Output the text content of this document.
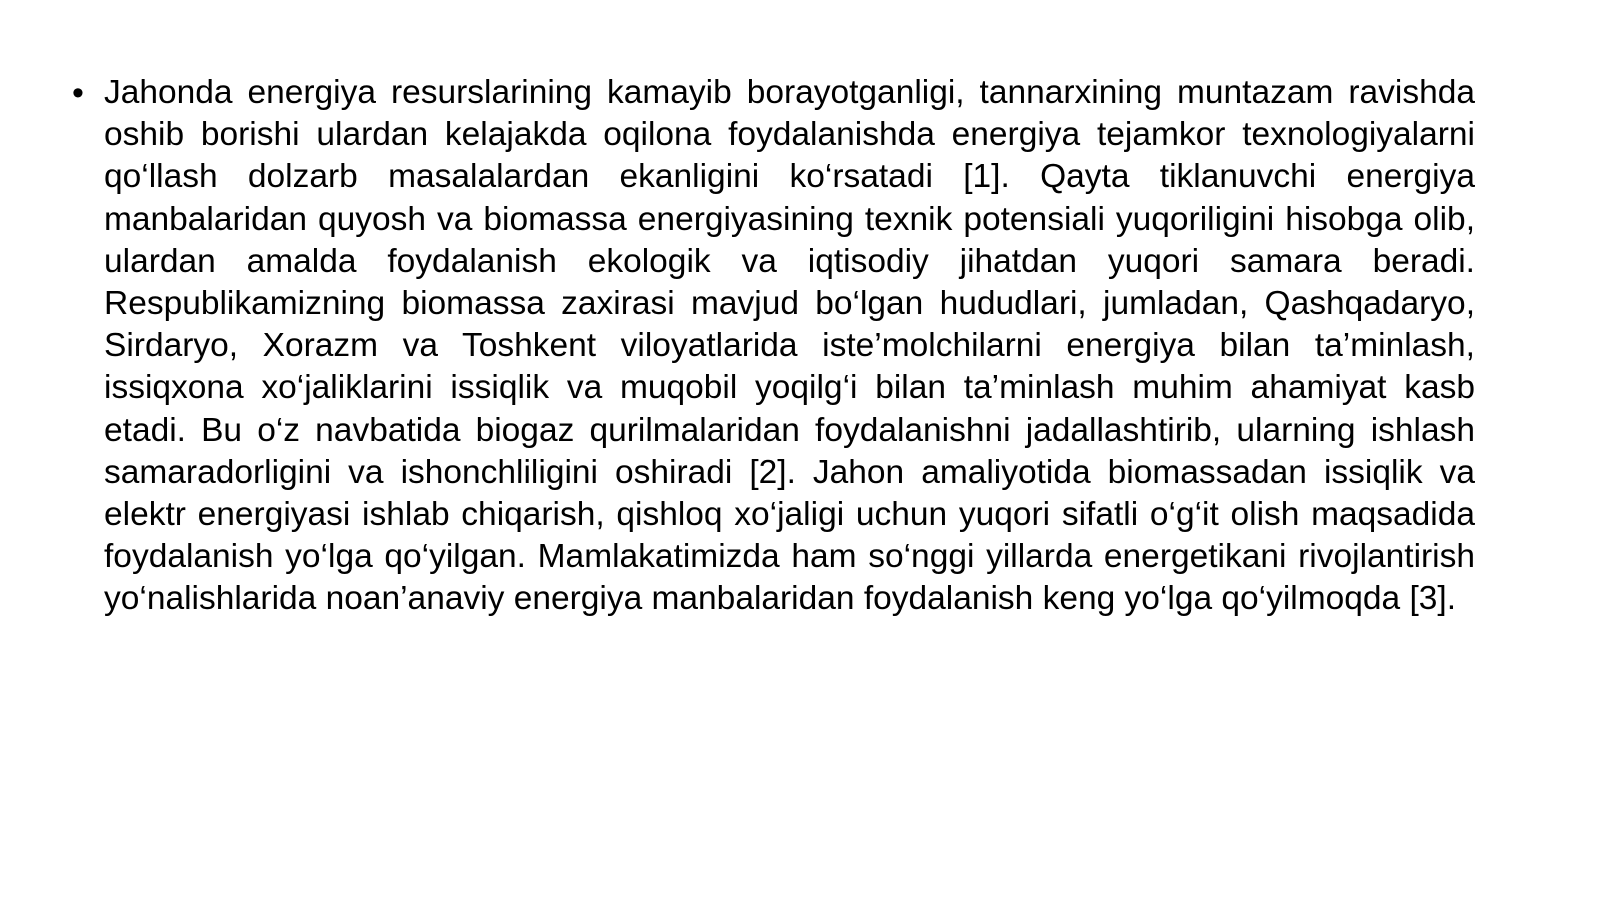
• Jahonda energiya resurslarining kamayib borayotganligi, tannarxining muntazam ravishda oshib borishi ulardan kelajakda oqilona foydalanishda energiya tejamkor texnologiyalarni qo‘llash dolzarb masalalardan ekanligini ko‘rsatadi [1]. Qayta tiklanuvchi energiya manbalaridan quyosh va biomassa energiyasining texnik potensiali yuqoriligini hisobga olib, ulardan amalda foydalanish ekologik va iqtisodiy jihatdan yuqori samara beradi. Respublikamizning biomassa zaxirasi mavjud bo‘lgan hududlari, jumladan, Qashqadaryo, Sirdaryo, Xorazm va Toshkent viloyatlarida iste’molchilarni energiya bilan ta’minlash, issiqxona xo‘jaliklarini issiqlik va muqobil yoqilg‘i bilan ta’minlash muhim ahamiyat kasb etadi. Bu o‘z navbatida biogaz qurilmalaridan foydalanishni jadallashtirib, ularning ishlash samaradorligini va ishonchliligini oshiradi [2]. Jahon amaliyotida biomassadan issiqlik va elektr energiyasi ishlab chiqarish, qishloq xo‘jaligi uchun yuqori sifatli o‘g‘it olish maqsadida foydalanish yo‘lga qo‘yilgan. Mamlakatimizda ham so‘nggi yillarda energetikani rivojlantirish yo‘nalishlarida noan’anaviy energiya manbalaridan foydalanish keng yo‘lga qo‘yilmoqda [3].
